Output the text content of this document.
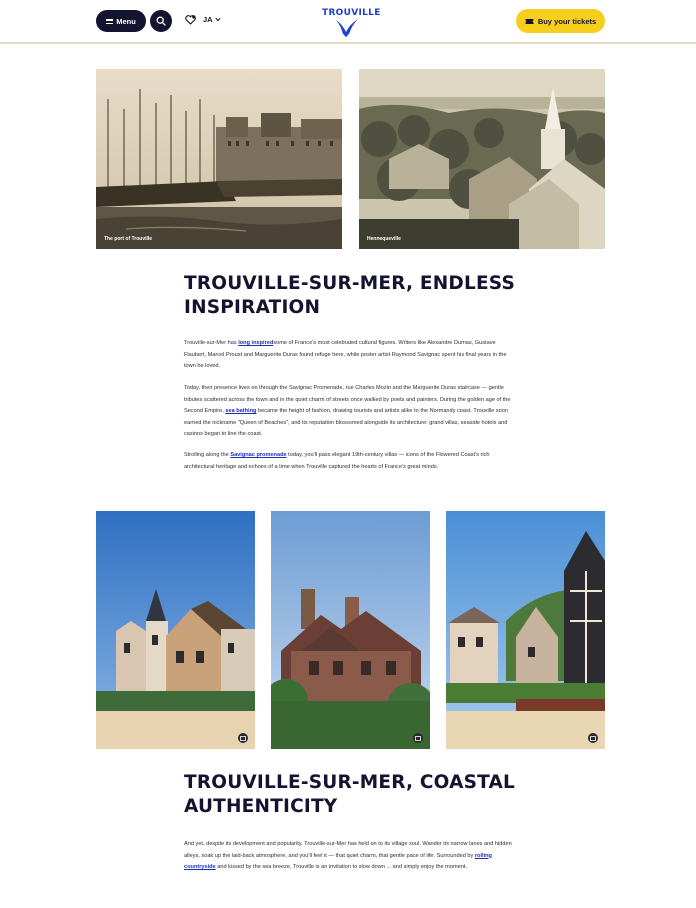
Menu	JA
TROUVILLE
Buy your tickets
The port of Trouville	Hennequeville
TROUVILLE-SUR-MER, ENDLESS INSPIRATION

Trouville-sur-Mer has long inspiredsome of France's most celebrated cultural figures. Writers like Alexandre Dumas, Gustave Flaubert, Marcel Proust and Marguerite Duras found refuge here, while poster artist Raymond Savignac spent his final years in the town he loved.

Today, their presence lives on through the Savignac Promenade, rue Charles Mozin and the Marguerite Duras staircase — gentle tributes scattered across the town and in the quiet charm of streets once walked by poets and painters. During the golden age of the Second Empire, sea bathing became the height of fashion, drawing tourists and artists alike to the Normandy coast. Trouville soon earned the nickname "Queen of Beaches", and its reputation blossomed alongside its architecture: grand villas, seaside hotels and casinos began to line the coast.

Strolling along the Savignac promenade today, you'll pass elegant 19th-century villas — icons of the Flowered Coast's rich architectural heritage and echoes of a time when Trouville captured the hearts of France's great minds.

TROUVILLE-SUR-MER, COASTAL AUTHENTICITY

And yet, despite its development and popularity, Trouville-sur-Mer has held on to its village soul. Wander its narrow lanes and hidden alleys, soak up the laid-back atmosphere, and you'll feel it — that quiet charm, that gentle pace of life. Surrounded by rolling countryside and kissed by the sea breeze, Trouville is an invitation to slow down ... and simply enjoy the moment.
